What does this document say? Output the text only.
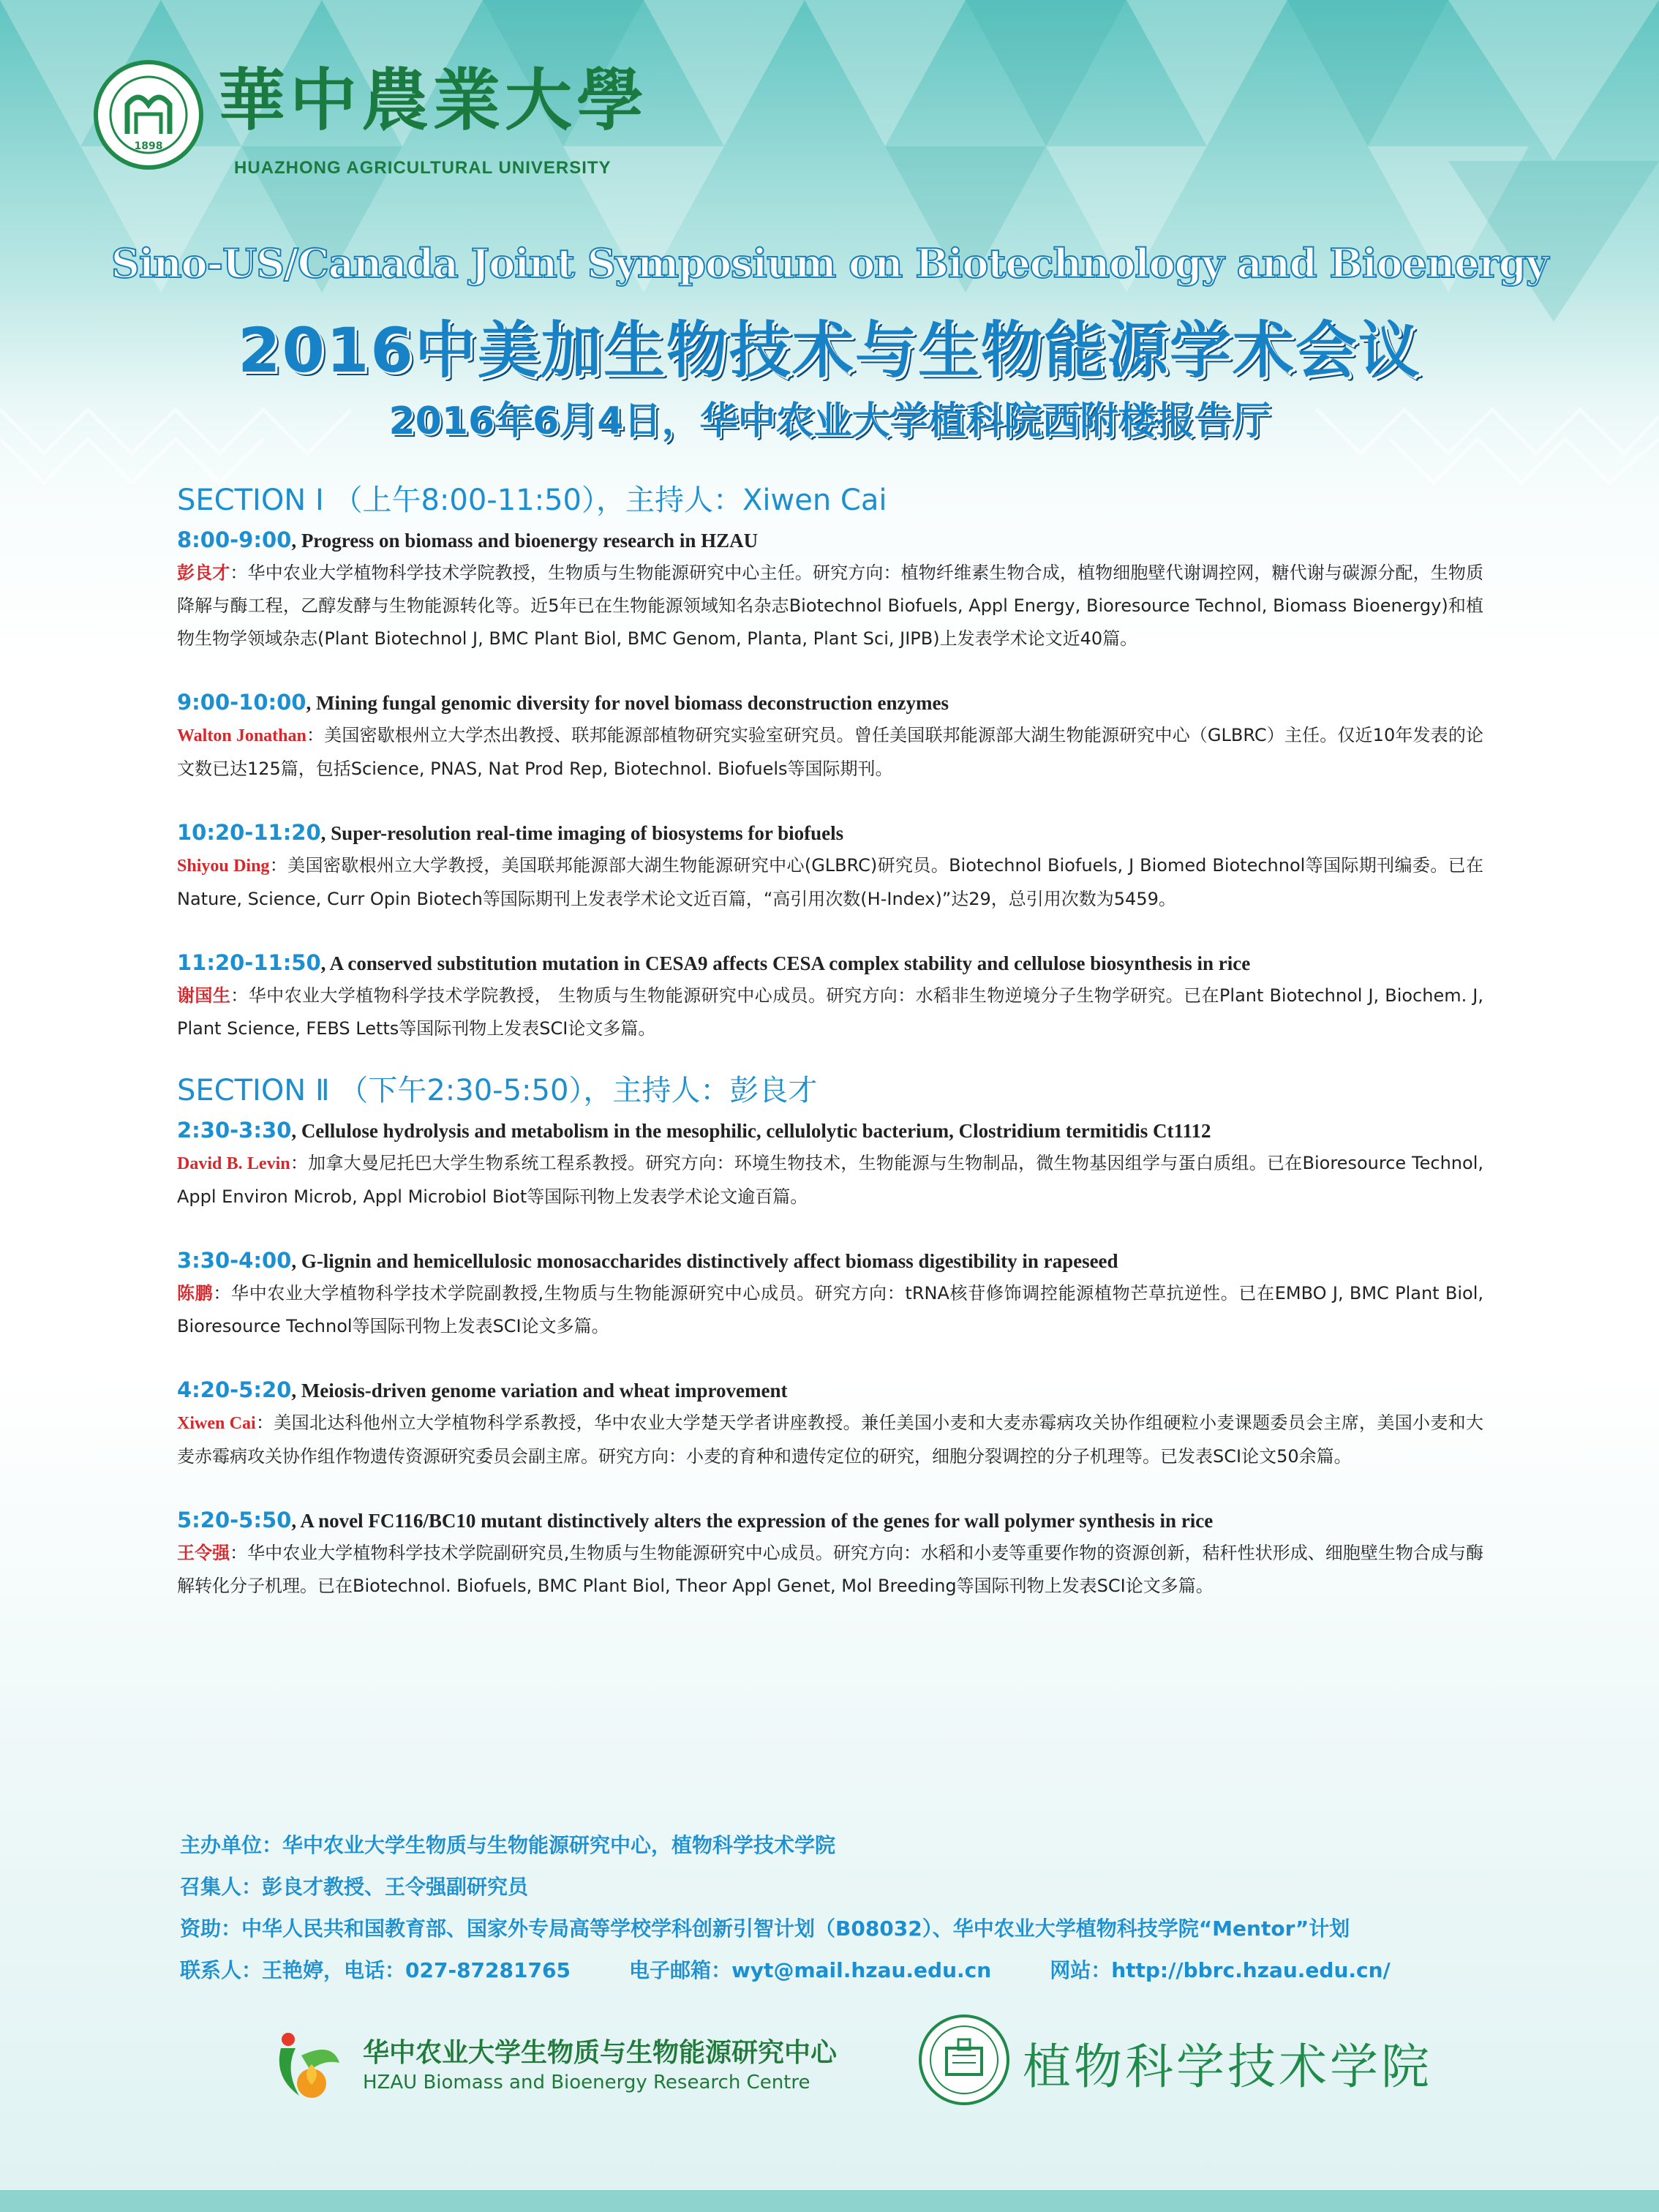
1898
華中農業大學
HUAZHONG AGRICULTURAL UNIVERSITY
Sino-US/Canada Joint Symposium on Biotechnology and Bioenergy
2016中美加生物技术与生物能源学术会议
2016年6月4日，华中农业大学植科院西附楼报告厅
SECTION Ⅰ （上午8:00-11:50），主持人：Xiwen Cai
8:00-9:00, Progress on biomass and bioenergy research in HZAU

彭良才：华中农业大学植物科学技术学院教授，生物质与生物能源研究中心主任。研究方向：植物纤维素生物合成，植物细胞壁代谢调控网，糖代谢与碳源分配，生物质降解与酶工程，乙醇发酵与生物能源转化等。近5年已在生物能源领域知名杂志Biotechnol Biofuels, Appl Energy, Bioresource Technol, Biomass Bioenergy)和植物生物学领域杂志(Plant Biotechnol J, BMC Plant Biol, BMC Genom, Planta, Plant Sci, JIPB)上发表学术论文近40篇。

9:00-10:00, Mining fungal genomic diversity for novel biomass deconstruction enzymes

Walton Jonathan：美国密歇根州立大学杰出教授、联邦能源部植物研究实验室研究员。曾任美国联邦能源部大湖生物能源研究中心（GLBRC）主任。仅近10年发表的论文数已达125篇，包括Science, PNAS, Nat Prod Rep, Biotechnol. Biofuels等国际期刊。

10:20-11:20, Super-resolution real-time imaging of biosystems for biofuels

Shiyou Ding：美国密歇根州立大学教授，美国联邦能源部大湖生物能源研究中心(GLBRC)研究员。Biotechnol Biofuels, J Biomed Biotechnol等国际期刊编委。已在Nature, Science, Curr Opin Biotech等国际期刊上发表学术论文近百篇，“高引用次数(H-Index)”达29，总引用次数为5459。

11:20-11:50, A conserved substitution mutation in CESA9 affects CESA complex stability and cellulose biosynthesis in rice

谢国生：华中农业大学植物科学技术学院教授， 生物质与生物能源研究中心成员。研究方向：水稻非生物逆境分子生物学研究。已在Plant Biotechnol J, Biochem. J, Plant Science, FEBS Letts等国际刊物上发表SCI论文多篇。

SECTION Ⅱ （下午2:30-5:50），主持人：彭良才
2:30-3:30, Cellulose hydrolysis and metabolism in the mesophilic, cellulolytic bacterium, Clostridium termitidis Ct1112

David B. Levin：加拿大曼尼托巴大学生物系统工程系教授。研究方向：环境生物技术，生物能源与生物制品，微生物基因组学与蛋白质组。已在Bioresource Technol, Appl Environ Microb, Appl Microbiol Biot等国际刊物上发表学术论文逾百篇。

3:30-4:00, G-lignin and hemicellulosic monosaccharides distinctively affect biomass digestibility in rapeseed

陈鹏：华中农业大学植物科学技术学院副教授,生物质与生物能源研究中心成员。研究方向：tRNA核苷修饰调控能源植物芒草抗逆性。已在EMBO J, BMC Plant Biol, Bioresource Technol等国际刊物上发表SCI论文多篇。

4:20-5:20, Meiosis-driven genome variation and wheat improvement

Xiwen Cai：美国北达科他州立大学植物科学系教授，华中农业大学楚天学者讲座教授。兼任美国小麦和大麦赤霉病攻关协作组硬粒小麦课题委员会主席，美国小麦和大麦赤霉病攻关协作组作物遗传资源研究委员会副主席。研究方向：小麦的育种和遗传定位的研究，细胞分裂调控的分子机理等。已发表SCI论文50余篇。

5:20-5:50, A novel FC116/BC10 mutant distinctively alters the expression of the genes for wall polymer synthesis in rice

王令强：华中农业大学植物科学技术学院副研究员,生物质与生物能源研究中心成员。研究方向：水稻和小麦等重要作物的资源创新，秸秆性状形成、细胞壁生物合成与酶解转化分子机理。已在Biotechnol. Biofuels, BMC Plant Biol, Theor Appl Genet, Mol Breeding等国际刊物上发表SCI论文多篇。

主办单位：华中农业大学生物质与生物能源研究中心，植物科学技术学院

召集人：彭良才教授、王令强副研究员

资助：中华人民共和国教育部、国家外专局高等学校学科创新引智计划（B08032）、华中农业大学植物科技学院“Mentor”计划

联系人：王艳婷，电话：027-87281765	电子邮箱：wyt@mail.hzau.edu.cn	网站：http://bbrc.hzau.edu.cn/

华中农业大学生物质与生物能源研究中心
HZAU Biomass and Bioenergy Research Centre	植物科学技术学院
